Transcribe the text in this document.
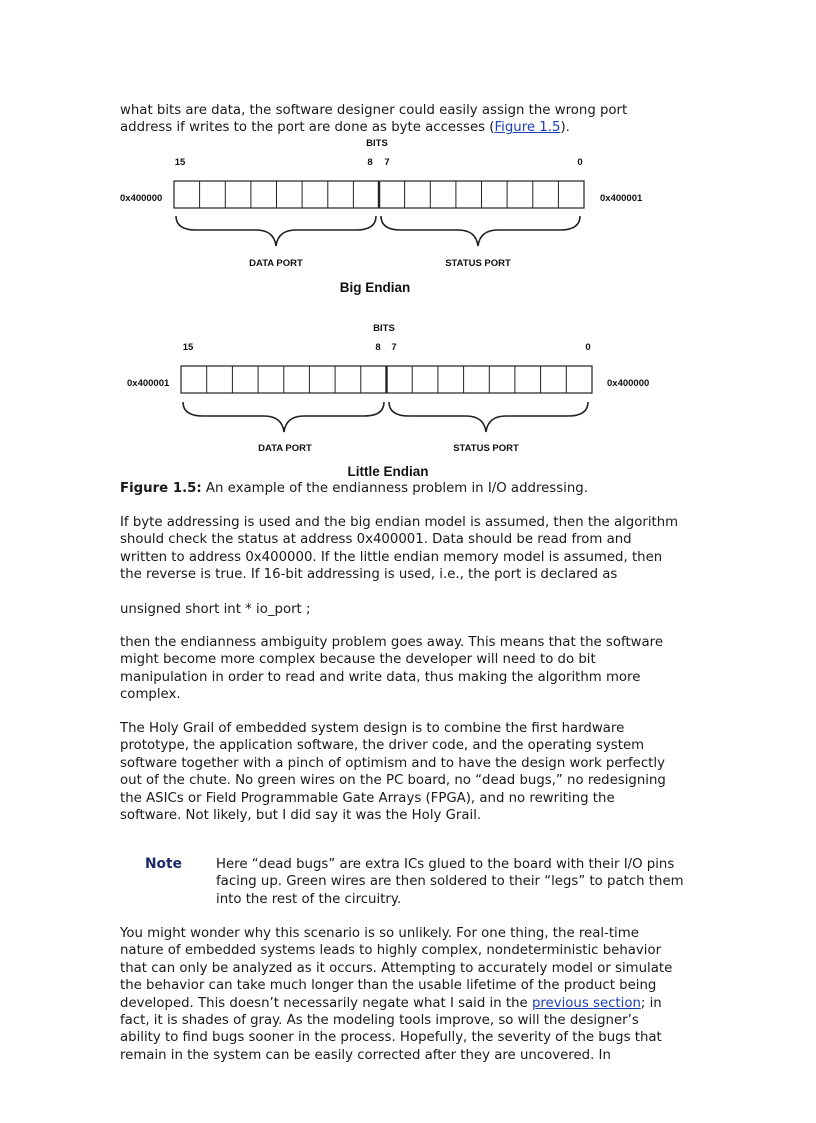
what bits are data, the software designer could easily assign the wrong port address if writes to the port are done as byte accesses (Figure 1.5).

BITS
15	8 7	0
0x400000	0x400001
DATA PORT	STATUS PORT
Big Endian
BITS
15	8 7	0
0x400001	0x400000
DATA PORT	STATUS PORT
Little Endian

Figure 1.5: An example of the endianness problem in I/O addressing.

If byte addressing is used and the big endian model is assumed, then the algorithm should check the status at address 0x400001. Data should be read from and written to address 0x400000. If the little endian memory model is assumed, then the reverse is true. If 16-bit addressing is used, i.e., the port is declared as

unsigned short int * io_port ;

then the endianness ambiguity problem goes away. This means that the software might become more complex because the developer will need to do bit manipulation in order to read and write data, thus making the algorithm more complex.

The Holy Grail of embedded system design is to combine the first hardware prototype, the application software, the driver code, and the operating system software together with a pinch of optimism and to have the design work perfectly out of the chute. No green wires on the PC board, no “dead bugs,” no redesigning the ASICs or Field Programmable Gate Arrays (FPGA), and no rewriting the software. Not likely, but I did say it was the Holy Grail.

Note	Here “dead bugs” are extra ICs glued to the board with their I/O pins facing up. Green wires are then soldered to their “legs” to patch them into the rest of the circuitry.

You might wonder why this scenario is so unlikely. For one thing, the real-time nature of embedded systems leads to highly complex, nondeterministic behavior that can only be analyzed as it occurs. Attempting to accurately model or simulate the behavior can take much longer than the usable lifetime of the product being developed. This doesn’t necessarily negate what I said in the previous section; in fact, it is shades of gray. As the modeling tools improve, so will the designer’s ability to find bugs sooner in the process. Hopefully, the severity of the bugs that remain in the system can be easily corrected after they are uncovered. In
